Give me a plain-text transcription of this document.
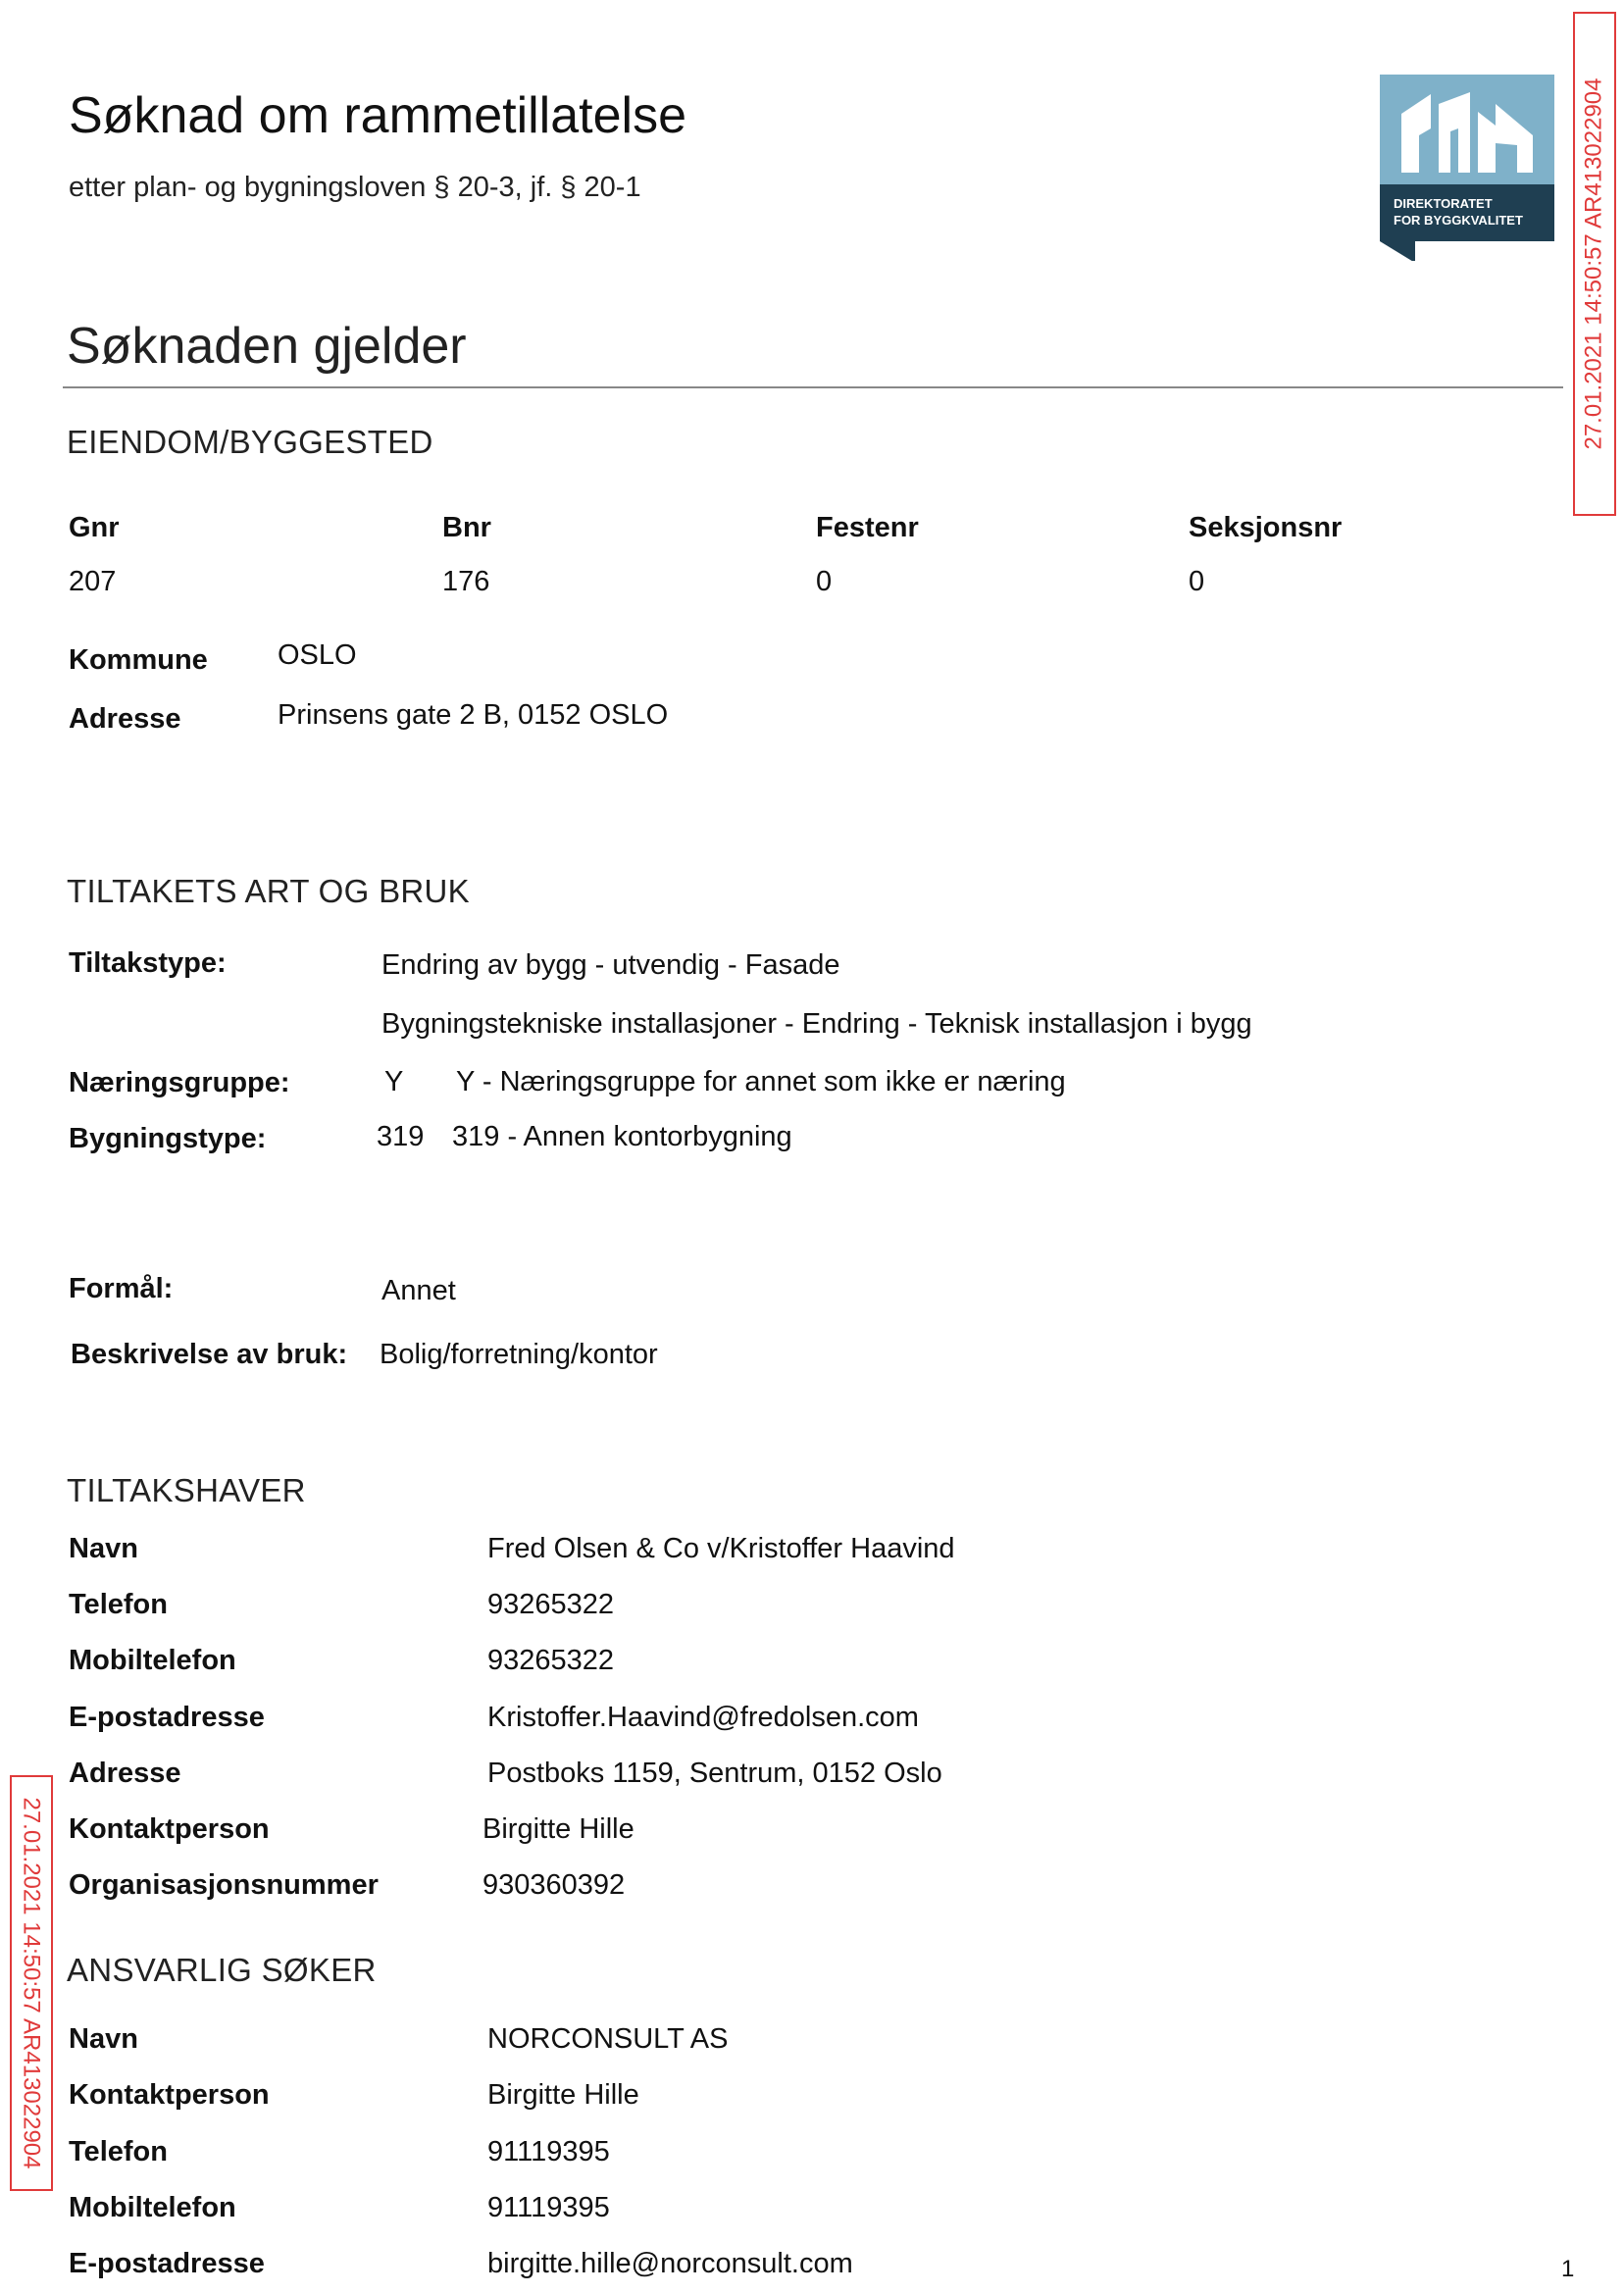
Søknad om rammetillatelse
etter plan- og bygningsloven § 20-3, jf. § 20-1
DIREKTORATET
FOR BYGGKVALITET 27.01.2021 14:50:57 AR413022904
27.01.2021 14:50:57 AR413022904
Søknaden gjelder
EIENDOM/BYGGESTED
Gnr	Bnr	Festenr	Seksjonsnr
207	176	0	0
Kommune OSLO
Adresse	Prinsens gate 2 B, 0152 OSLO
TILTAKETS ART OG BRUK
Tiltakstype:	Endring av bygg - utvendig - Fasade
Bygningstekniske installasjoner - Endring - Teknisk installasjon i bygg
Næringsgruppe:	Y Y - Næringsgruppe for annet som ikke er næring
Bygningstype:	319 319 - Annen kontorbygning
Formål:	Annet
Beskrivelse av bruk: Bolig/forretning/kontor
TILTAKSHAVER
Navn	Fred Olsen & Co v/Kristoffer Haavind
Telefon	93265322
Mobiltelefon	93265322
E-postadresse	Kristoffer.Haavind@fredolsen.com
Adresse	Postboks 1159, Sentrum, 0152 Oslo
Kontaktperson	Birgitte Hille
Organisasjonsnummer	930360392
ANSVARLIG SØKER
Navn	NORCONSULT AS
Kontaktperson	Birgitte Hille
Telefon	91119395
Mobiltelefon	91119395
E-postadresse	birgitte.hille@norconsult.com	1
